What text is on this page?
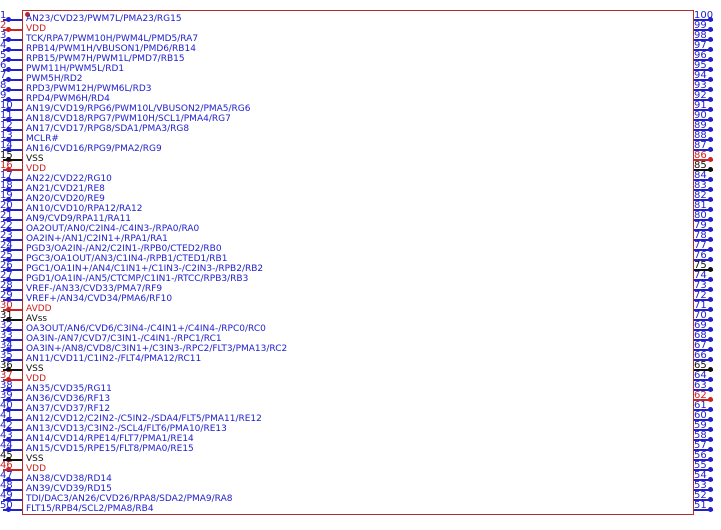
1 AN23/CVD23/PWM7L/PMA23/RG15
2 VDD
3 TCK/RPA7/PWM10H/PWM4L/PMD5/RA7
4 RPB14/PWM1H/VBUSON1/PMD6/RB14
5 RPB15/PWM7H/PWM1L/PMD7/RB15
6 PWM11H/PWM5L/RD1
7 PWM5H/RD2
8 RPD3/PWM12H/PWM6L/RD3
9 RPD4/PWM6H/RD4
10 AN19/CVD19/RPG6/PWM10L/VBUSON2/PMA5/RG6
11 AN18/CVD18/RPG7/PWM10H/SCL1/PMA4/RG7
12 AN17/CVD17/RPG8/SDA1/PMA3/RG8
13 MCLR#
14 AN16/CVD16/RPG9/PMA2/RG9
15 VSS
16 VDD
17 AN22/CVD22/RG10
18 AN21/CVD21/RE8
19 AN20/CVD20/RE9
20 AN10/CVD10/RPA12/RA12
21 AN9/CVD9/RPA11/RA11
22 OA2OUT/AN0/C2IN4-/C4IN3-/RPA0/RA0
23 OA2IN+/AN1/C2IN1+/RPA1/RA1
24 PGD3/OA2IN-/AN2/C2IN1-/RPB0/CTED2/RB0
25 PGC3/OA1OUT/AN3/C1IN4-/RPB1/CTED1/RB1
26 PGC1/OA1IN+/AN4/C1IN1+/C1IN3-/C2IN3-/RPB2/RB2
27 PGD1/OA1IN-/AN5/CTCMP/C1IN1-/RTCC/RPB3/RB3
28 VREF-/AN33/CVD33/PMA7/RF9
29 VREF+/AN34/CVD34/PMA6/RF10
30 AVDD
31 AVss
32 OA3OUT/AN6/CVD6/C3IN4-/C4IN1+/C4IN4-/RPC0/RC0
33 OA3IN-/AN7/CVD7/C3IN1-/C4IN1-/RPC1/RC1
34 OA3IN+/AN8/CVD8/C3IN1+/C3IN3-/RPC2/FLT3/PMA13/RC2
35 AN11/CVD11/C1IN2-/FLT4/PMA12/RC11
36 VSS
37 VDD
38 AN35/CVD35/RG11
39 AN36/CVD36/RF13
40 AN37/CVD37/RF12
41 AN12/CVD12/C2IN2-/C5IN2-/SDA4/FLT5/PMA11/RE12
42 AN13/CVD13/C3IN2-/SCL4/FLT6/PMA10/RE13
43 AN14/CVD14/RPE14/FLT7/PMA1/RE14
44 AN15/CVD15/RPE15/FLT8/PMA0/RE15
45 VSS
46 VDD
47 AN38/CVD38/RD14
48 AN39/CVD39/RD15
49 TDI/DAC3/AN26/CVD26/RPA8/SDA2/PMA9/RA8
50 FLT15/RPB4/SCL2/PMA8/RB4
100
99
98
97
96
95
94
93
92
91
90
89
88
87
86
85
84
83
82
81
80
79
78
77
76
75
74
73
72
71
70
69
68
67
66
65
64
63
62
61
60
59
58
57
56
55
54
53
52
51
